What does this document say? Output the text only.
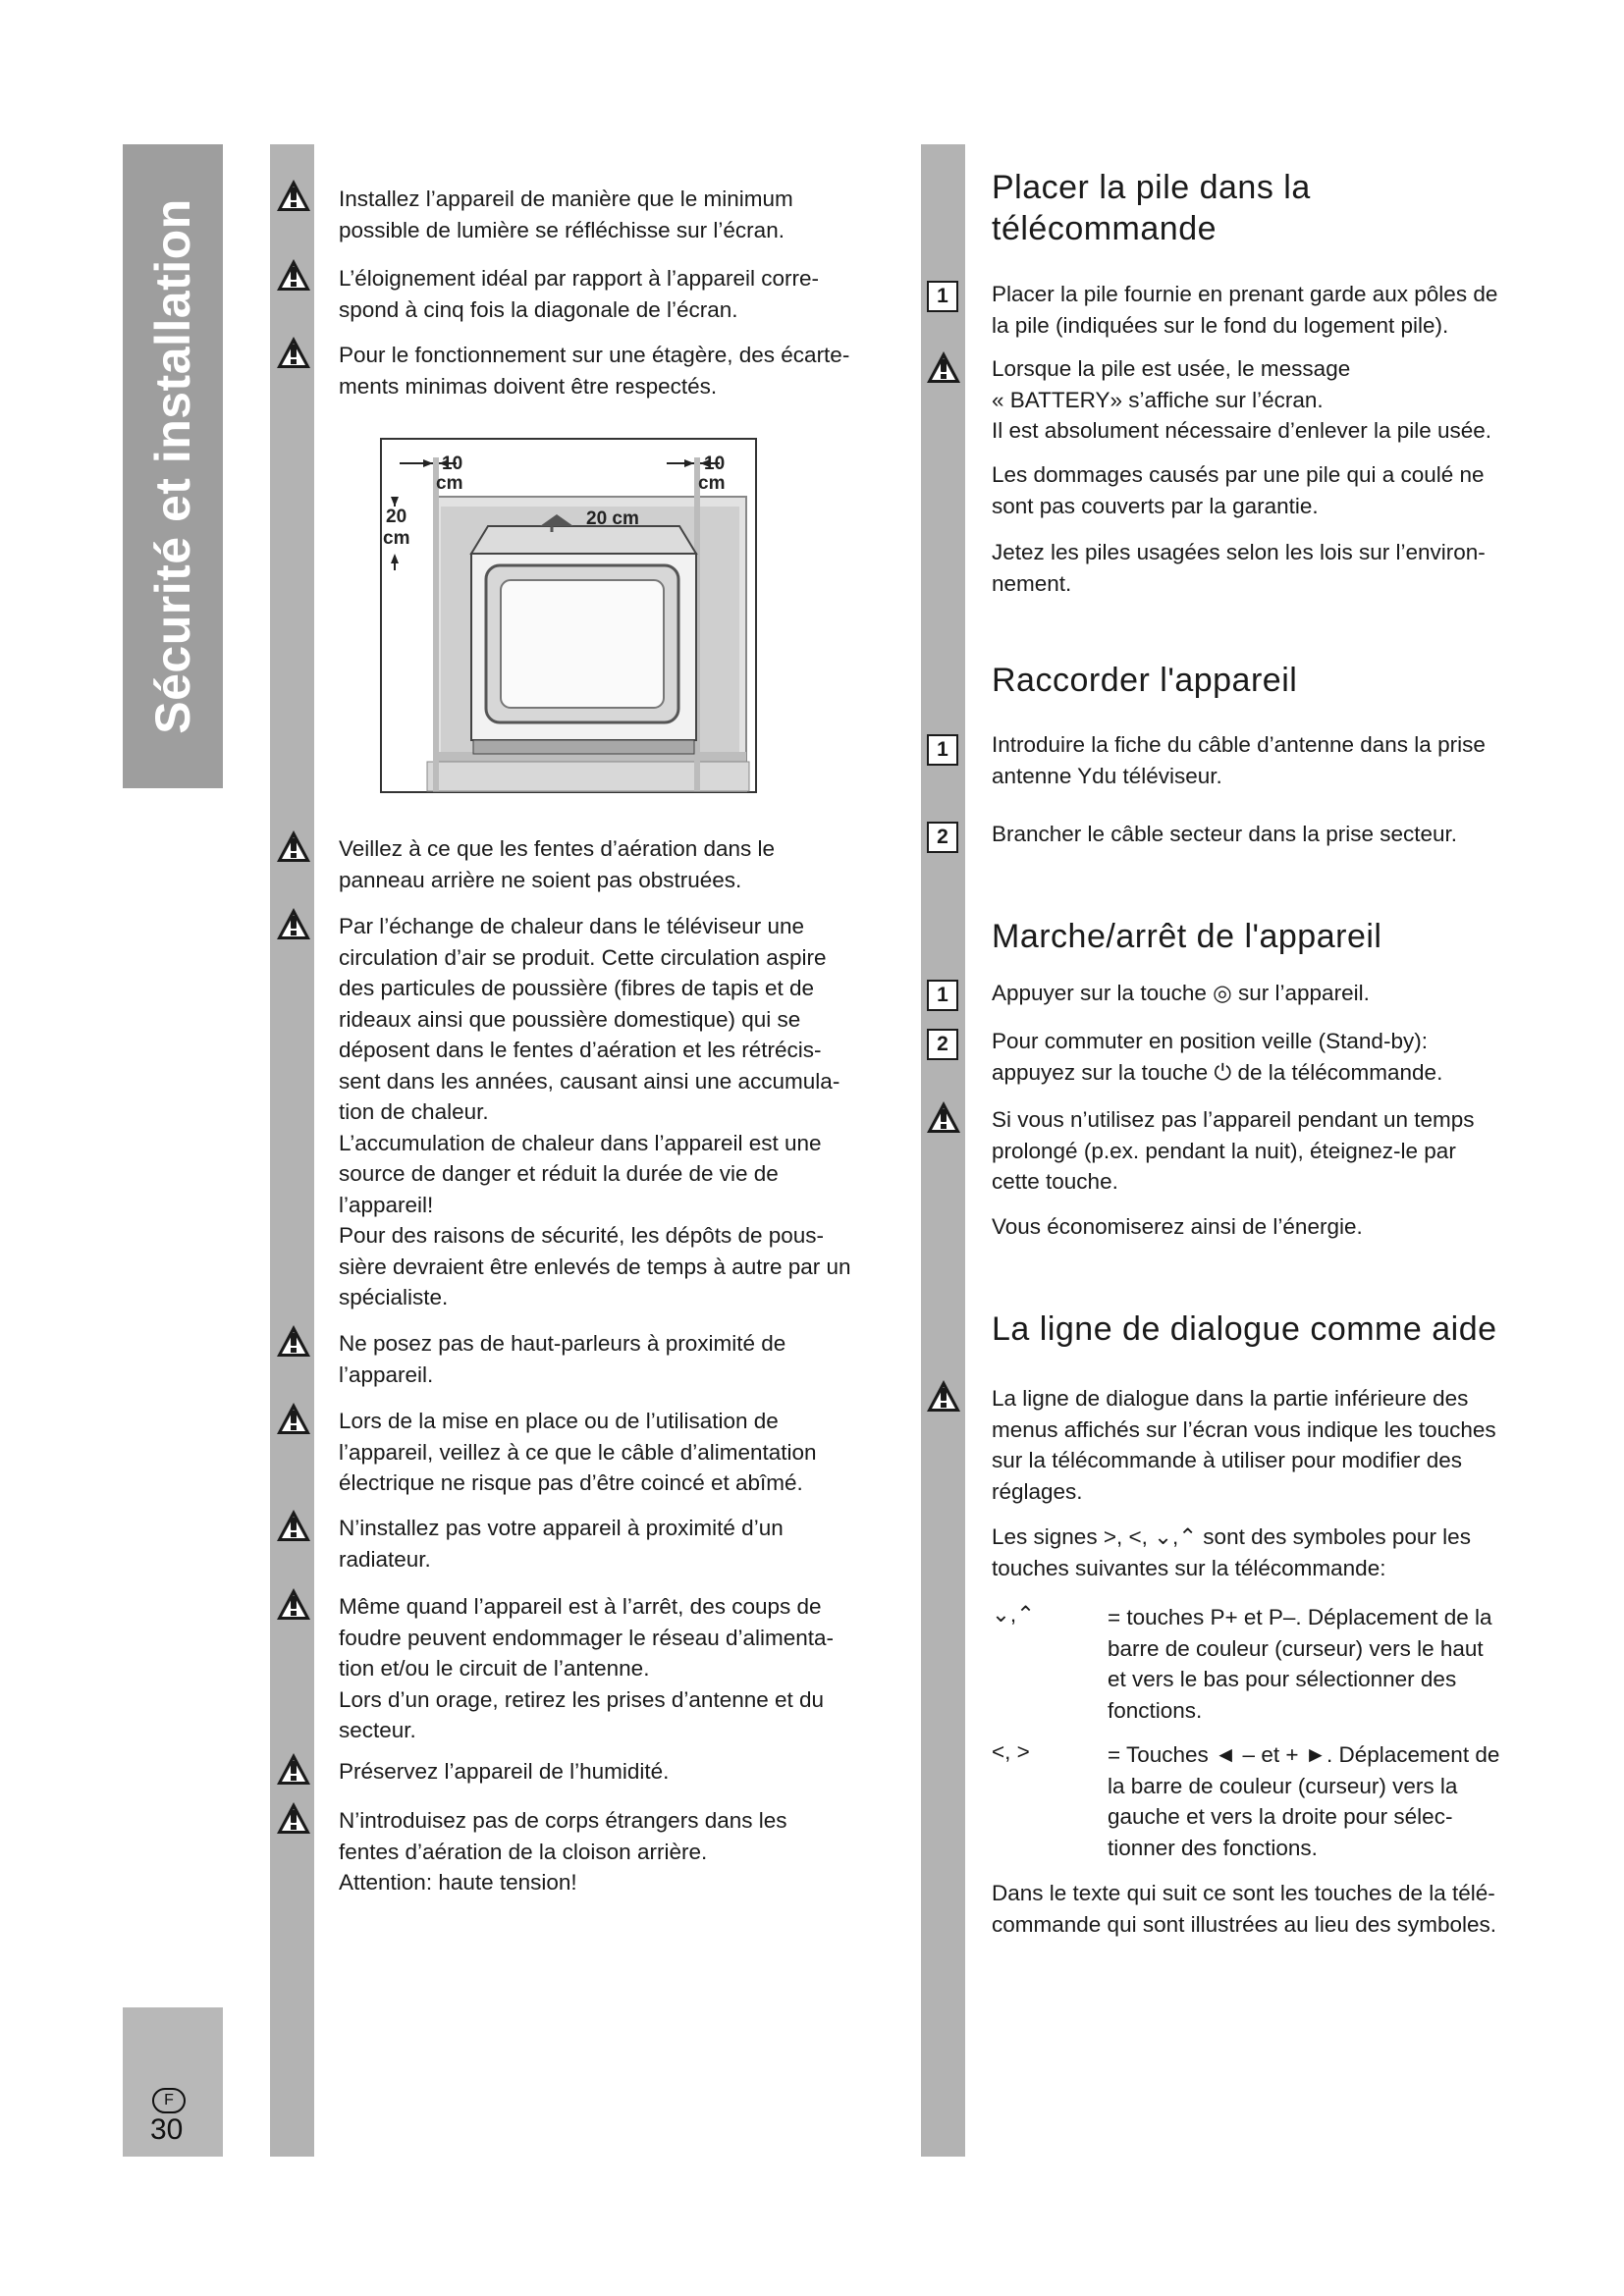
Sécurité et installation
F
30

Installez l’appareil de manière que le minimum
possible de lumière se réfléchisse sur l’écran.

L’éloignement idéal par rapport à l’appareil corre-
spond à cinq fois la diagonale de l’écran.

Pour le fonctionnement sur une étagère, des écarte-
ments minimas doivent être respectés.

10
cm
10
cm
20
cm
20 cm

Veillez à ce que les fentes d’aération dans le
panneau arrière ne soient pas obstruées.

Par l’échange de chaleur dans le téléviseur une
circulation d’air se produit. Cette circulation aspire
des particules de poussière (fibres de tapis et de
rideaux ainsi que poussière domestique) qui se
déposent dans le fentes d’aération et les rétrécis-
sent dans les années, causant ainsi une accumula-
tion de chaleur.
L’accumulation de chaleur dans l’appareil est une
source de danger et réduit la durée de vie de
l’appareil!
Pour des raisons de sécurité, les dépôts de pous-
sière devraient être enlevés de temps à autre par un
spécialiste.

Ne posez pas de haut-parleurs à proximité de
l’appareil.

Lors de la mise en place ou de l’utilisation de
l’appareil, veillez à ce que le câble d’alimentation
électrique ne risque pas d’être coincé et abîmé.

N’installez pas votre appareil à proximité d’un
radiateur.

Même quand l’appareil est à l’arrêt, des coups de
foudre peuvent endommager le réseau d’alimenta-
tion et/ou le circuit de l’antenne.
Lors d’un orage, retirez les prises d’antenne et du
secteur.

Préservez l’appareil de l’humidité.

N’introduisez pas de corps étrangers dans les
fentes d’aération de la cloison arrière.
Attention: haute tension!

Placer la pile dans la
télécommande
1	Placer la pile fournie en prenant garde aux pôles de
la pile (indiquées sur le fond du logement pile).

Lorsque la pile est usée, le message
« BATTERY» s’affiche sur l’écran.
Il est absolument nécessaire d’enlever la pile usée.

Les dommages causés par une pile qui a coulé ne
sont pas couverts par la garantie.

Jetez les piles usagées selon les lois sur l’environ-
nement.

Raccorder l'appareil
1	Introduire la fiche du câble d’antenne dans la prise
antenne Ydu téléviseur.

2	Brancher le câble secteur dans la prise secteur.

Marche/arrêt de l'appareil
1	Appuyer sur la touche ◎ sur l’appareil.

2	Pour commuter en position veille (Stand-by):
appuyez sur la touche ⏻ de la télécommande.

Si vous n’utilisez pas l’appareil pendant un temps
prolongé (p.ex. pendant la nuit), éteignez-le par
cette touche.

Vous économiserez ainsi de l’énergie.

La ligne de dialogue comme aide

La ligne de dialogue dans la partie inférieure des
menus affichés sur l’écran vous indique les touches
sur la télécommande à utiliser pour modifier des
réglages.

Les signes >, <, ⌄,⌃ sont des symboles pour les
touches suivantes sur la télécommande:

⌄,⌃	= touches P+ et P–. Déplacement de la
barre de couleur (curseur) vers le haut
et vers le bas pour sélectionner des
fonctions.

<, >	= Touches ◄ – et + ►. Déplacement de
la barre de couleur (curseur) vers la
gauche et vers la droite pour sélec-
tionner des fonctions.

Dans le texte qui suit ce sont les touches de la télé-
commande qui sont illustrées au lieu des symboles.
